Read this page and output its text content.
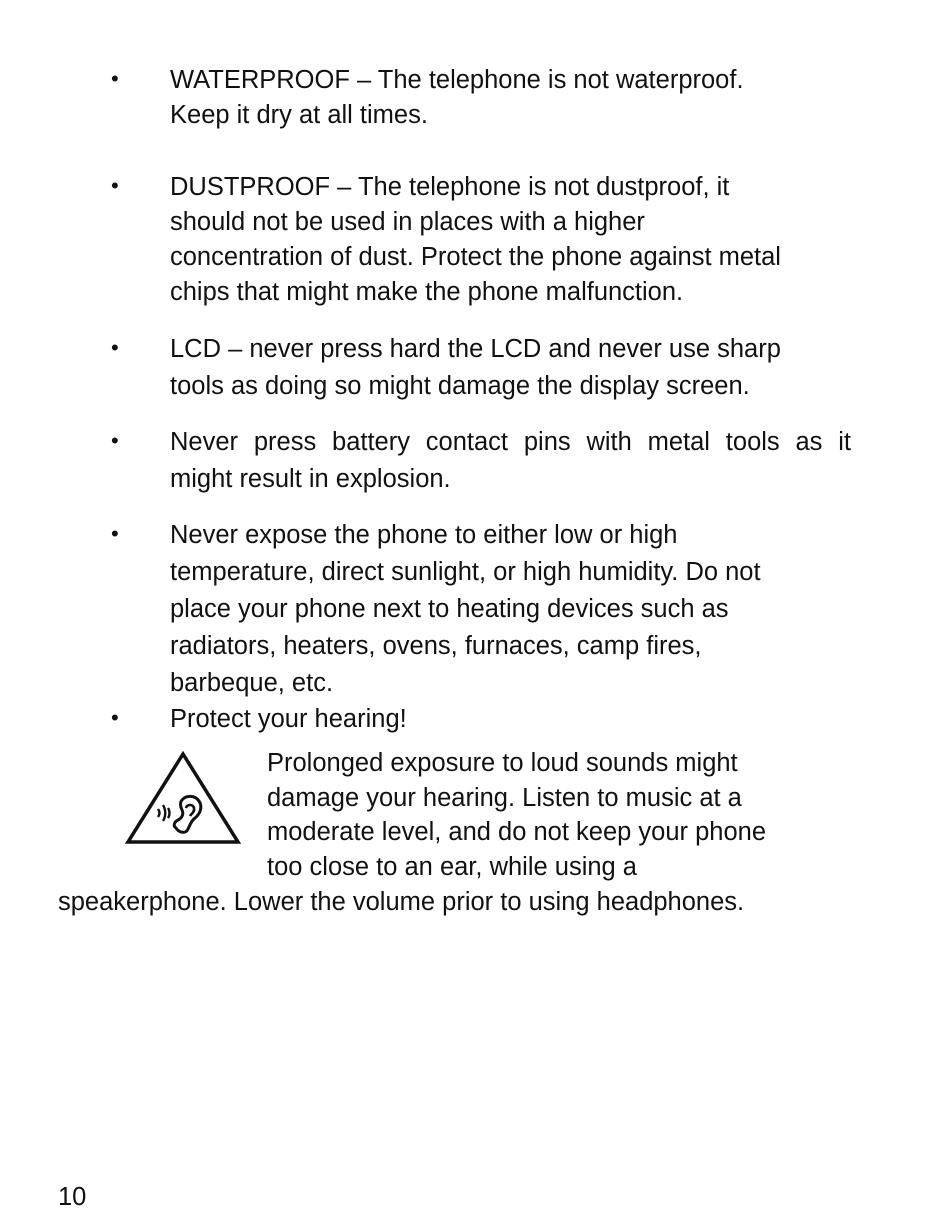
• WATERPROOF – The telephone is not waterproof.
Keep it dry at all times.
• DUSTPROOF – The telephone is not dustproof, it
should not be used in places with a higher
concentration of dust. Protect the phone against metal
chips that might make the phone malfunction.
• LCD – never press hard the LCD and never use sharp
tools as doing so might damage the display screen.
• Never press battery contact pins with metal tools as it
might result in explosion.
• Never expose the phone to either low or high
temperature, direct sunlight, or high humidity. Do not
place your phone next to heating devices such as
radiators, heaters, ovens, furnaces, camp fires,
barbeque, etc.
• Protect your hearing!
Prolonged exposure to loud sounds might
damage your hearing. Listen to music at a
moderate level, and do not keep your phone
too close to an ear, while using a
speakerphone. Lower the volume prior to using headphones.
10
